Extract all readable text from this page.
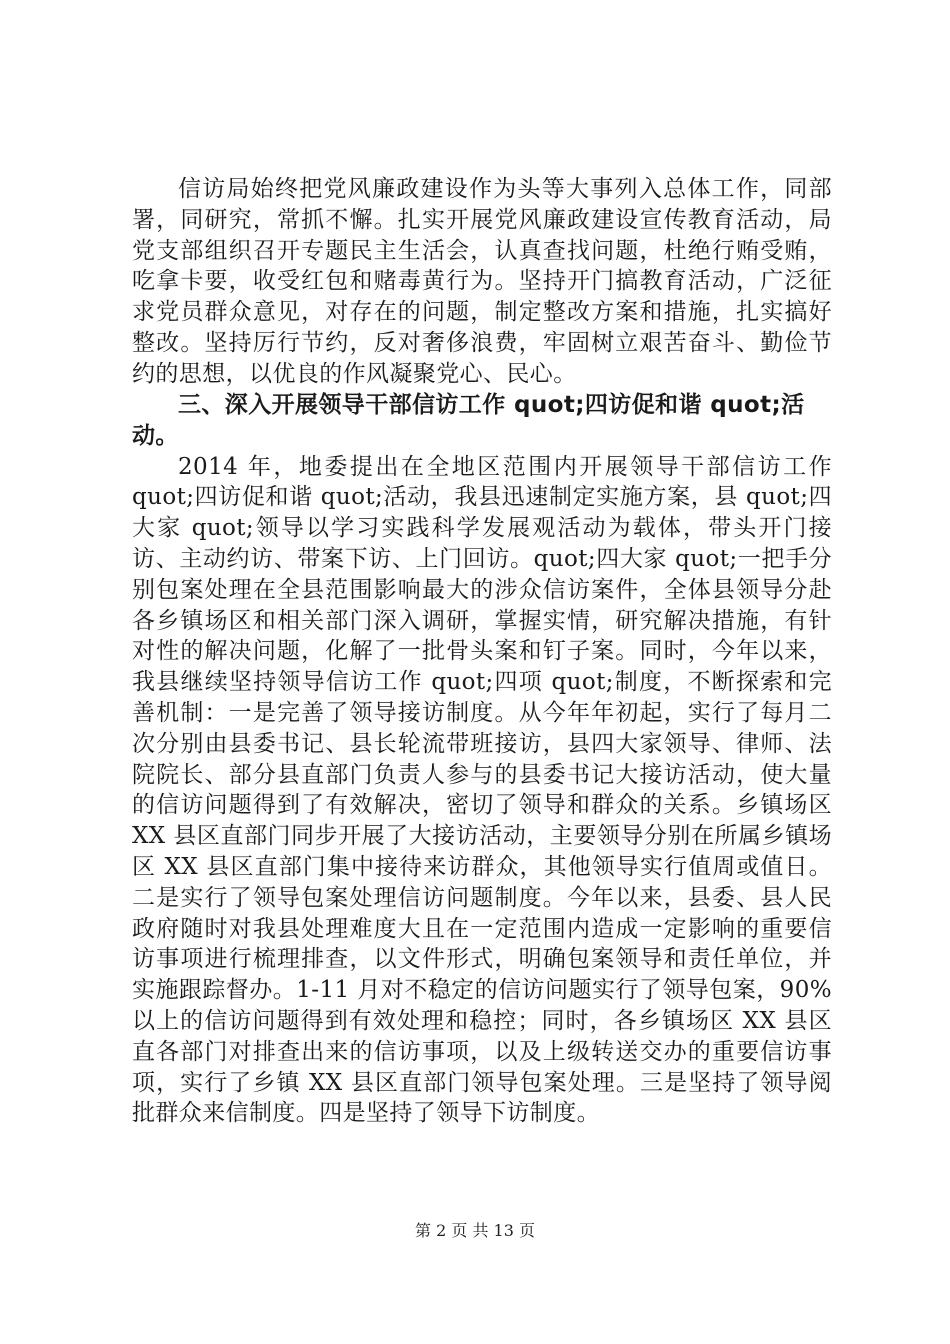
信访局始终把党风廉政建设作为头等大事列入总体工作，同部署，同研究，常抓不懈。扎实开展党风廉政建设宣传教育活动，局党支部组织召开专题民主生活会，认真查找问题，杜绝行贿受贿，吃拿卡要，收受红包和赌毒黄行为。坚持开门搞教育活动，广泛征求党员群众意见，对存在的问题，制定整改方案和措施，扎实搞好整改。坚持厉行节约，反对奢侈浪费，牢固树立艰苦奋斗、勤俭节约的思想，以优良的作风凝聚党心、民心。

三、深入开展领导干部信访工作 quot;四访促和谐 quot;活动。

2014 年，地委提出在全地区范围内开展领导干部信访工作 quot;四访促和谐 quot;活动，我县迅速制定实施方案，县 quot;四大家 quot;领导以学习实践科学发展观活动为载体，带头开门接访、主动约访、带案下访、上门回访。quot;四大家 quot;一把手分别包案处理在全县范围影响最大的涉众信访案件，全体县领导分赴各乡镇场区和相关部门深入调研，掌握实情，研究解决措施，有针对性的解决问题，化解了一批骨头案和钉子案。同时，今年以来，我县继续坚持领导信访工作 quot;四项 quot;制度，不断探索和完善机制：一是完善了领导接访制度。从今年年初起，实行了每月二次分别由县委书记、县长轮流带班接访，县四大家领导、律师、法院院长、部分县直部门负责人参与的县委书记大接访活动，使大量的信访问题得到了有效解决，密切了领导和群众的关系。乡镇场区 XX 县区直部门同步开展了大接访活动，主要领导分别在所属乡镇场区 XX 县区直部门集中接待来访群众，其他领导实行值周或值日。二是实行了领导包案处理信访问题制度。今年以来，县委、县人民政府随时对我县处理难度大且在一定范围内造成一定影响的重要信访事项进行梳理排查，以文件形式，明确包案领导和责任单位，并实施跟踪督办。1-11 月对不稳定的信访问题实行了领导包案，90%以上的信访问题得到有效处理和稳控；同时，各乡镇场区 XX 县区直各部门对排查出来的信访事项，以及上级转送交办的重要信访事项，实行了乡镇 XX 县区直部门领导包案处理。三是坚持了领导阅批群众来信制度。四是坚持了领导下访制度。

第 2 页 共 13 页
